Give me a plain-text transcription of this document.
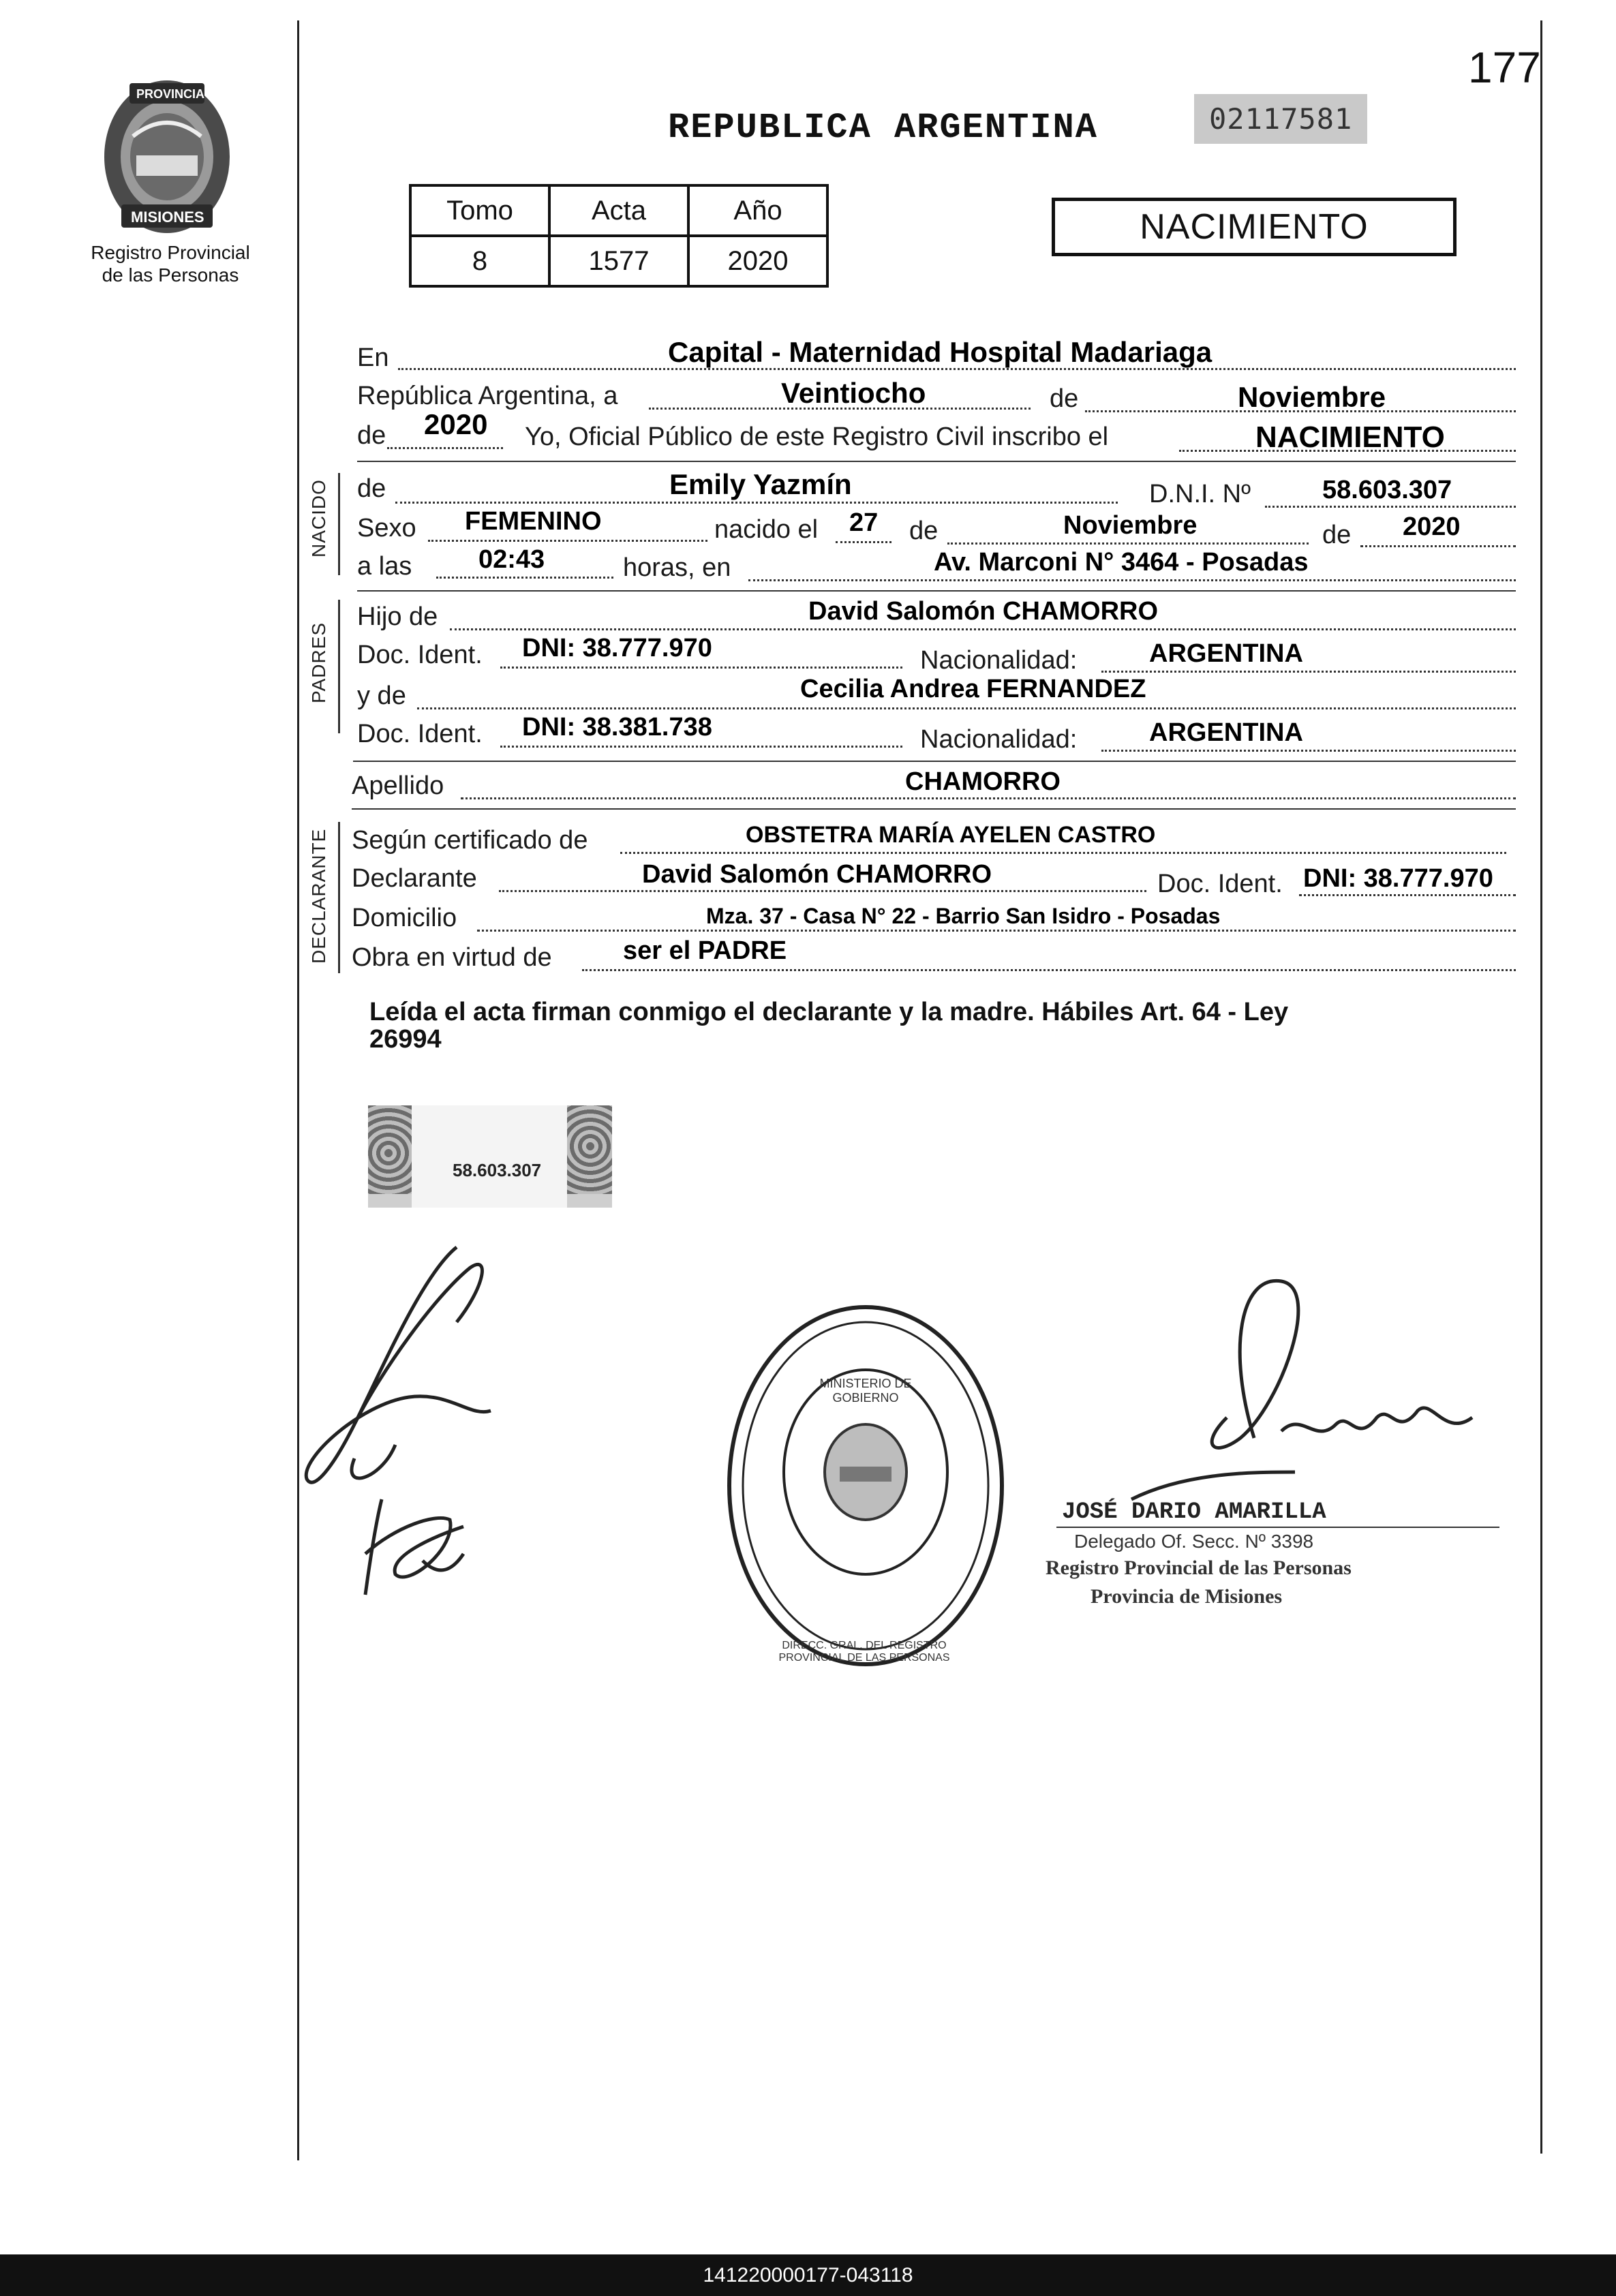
177
PROVINCIA DE
MISIONES
Registro Provincial
de las Personas
REPUBLICA ARGENTINA	02117581
Tomo	Acta	Año
8	1577	2020
NACIMIENTO
En	Capital - Maternidad Hospital Madariaga
República Argentina, a	Veintiocho	de	Noviembre
de 2020 Yo, Oficial Público de este Registro Civil inscribo el	NACIMIENTO
NACIDO de	Emily Yazmín	D.N.I. Nº	58.603.307
Sexo FEMENINO	nacido el 27 de	Noviembre	de 2020
a las	02:43	horas, en	Av. Marconi N° 3464 - Posadas
PADRES
Hijo de	David Salomón CHAMORRO
Doc. Ident. DNI: 38.777.970	Nacionalidad:	ARGENTINA
y de	Cecilia Andrea FERNANDEZ
Doc. Ident. DNI: 38.381.738	Nacionalidad:	ARGENTINA
Apellido	CHAMORRO
DECLARANTE Según certificado de	OBSTETRA MARÍA AYELEN CASTRO
Declarante	David Salomón CHAMORRO	Doc. Ident. DNI: 38.777.970
Domicilio	Mza. 37 - Casa N° 22 - Barrio San Isidro - Posadas
Obra en virtud de	ser el PADRE
Leída el acta firman conmigo el declarante y la madre. Hábiles Art. 64 - Ley
26994
58.603.307
DIRECC. GRAL. DEL REGISTRO PROVINCIAL DE LAS PERSONAS
MINISTERIO DE GOBIERNO
JOSÉ DARIO AMARILLA
Delegado Of. Secc. Nº 3398
Registro Provincial de las Personas
Provincia de Misiones
141220000177-043118
